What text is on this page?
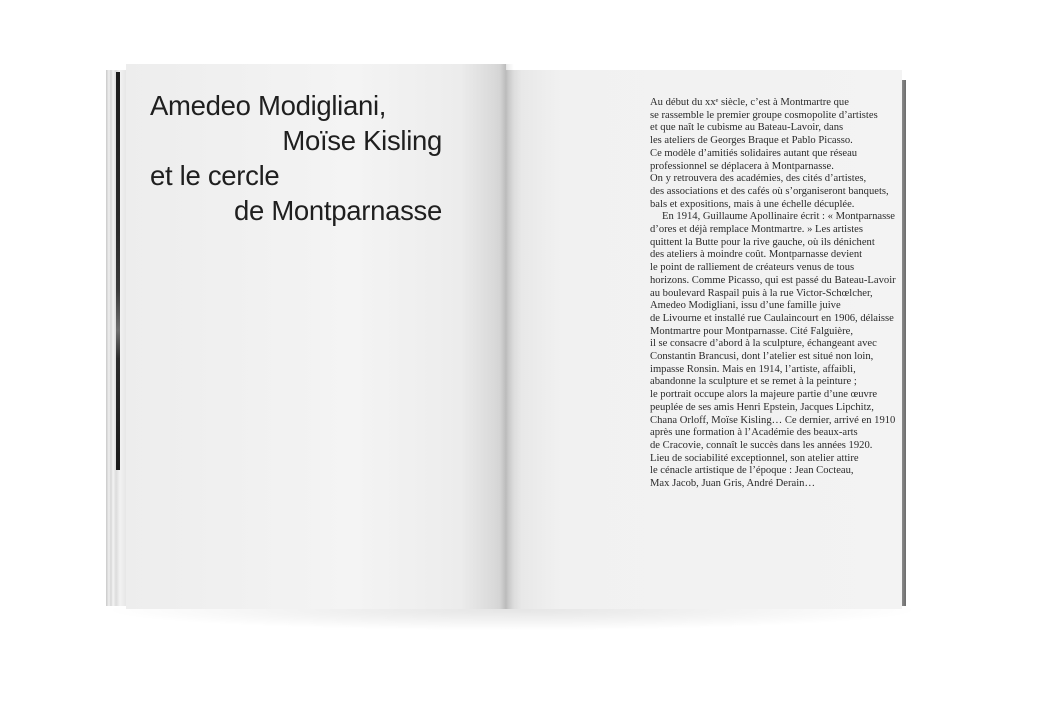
Amedeo Modigliani,
Moïse Kisling
et le cercle
de Montparnasse
Au début du xxᵉ siècle, c’est à Montmartre que
se rassemble le premier groupe cosmopolite d’artistes
et que naît le cubisme au Bateau-Lavoir, dans
les ateliers de Georges Braque et Pablo Picasso.
Ce modèle d’amitiés solidaires autant que réseau
professionnel se déplacera à Montparnasse.
On y retrouvera des académies, des cités d’artistes,
des associations et des cafés où s’organiseront banquets,
bals et expositions, mais à une échelle décuplée.
En 1914, Guillaume Apollinaire écrit : « Montparnasse
d’ores et déjà remplace Montmartre. » Les artistes
quittent la Butte pour la rive gauche, où ils dénichent
des ateliers à moindre coût. Montparnasse devient
le point de ralliement de créateurs venus de tous
horizons. Comme Picasso, qui est passé du Bateau-Lavoir
au boulevard Raspail puis à la rue Victor-Schœlcher,
Amedeo Modigliani, issu d’une famille juive
de Livourne et installé rue Caulaincourt en 1906, délaisse
Montmartre pour Montparnasse. Cité Falguière,
il se consacre d’abord à la sculpture, échangeant avec
Constantin Brancusi, dont l’atelier est situé non loin,
impasse Ronsin. Mais en 1914, l’artiste, affaibli,
abandonne la sculpture et se remet à la peinture ;
le portrait occupe alors la majeure partie d’une œuvre
peuplée de ses amis Henri Epstein, Jacques Lipchitz,
Chana Orloff, Moïse Kisling… Ce dernier, arrivé en 1910
après une formation à l’Académie des beaux-arts
de Cracovie, connaît le succès dans les années 1920.
Lieu de sociabilité exceptionnel, son atelier attire
le cénacle artistique de l’époque : Jean Cocteau,
Max Jacob, Juan Gris, André Derain…
